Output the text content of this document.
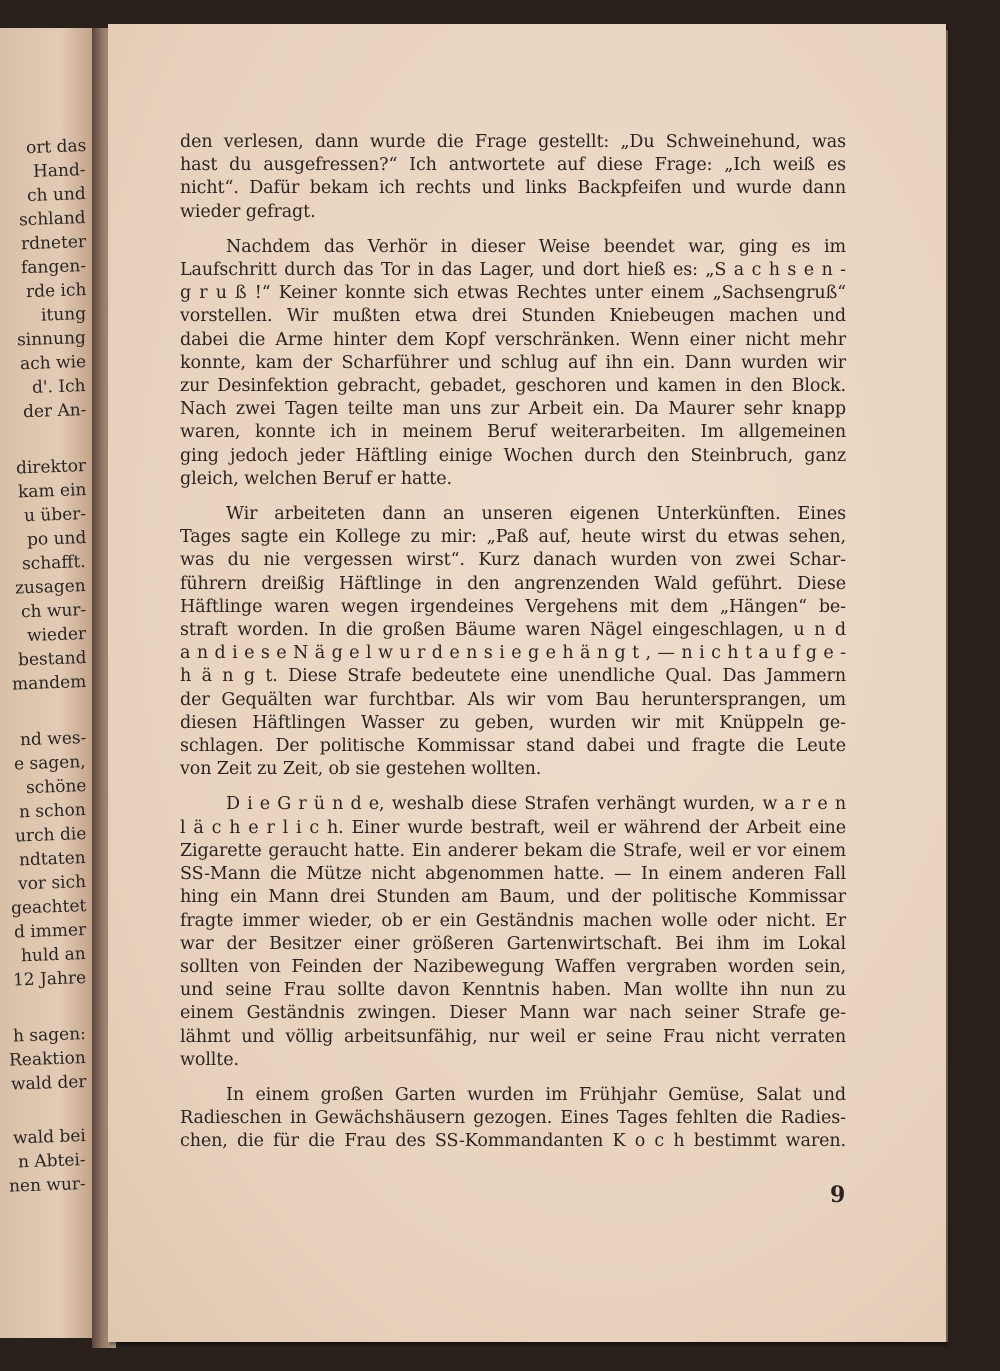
ort das
Hand-
ch und
schland
rdneter
fangen-
rde ich
itung
sinnung
ach wie
d'. Ich
der An-
direktor
kam ein
u über-
po und
schafft.
zusagen
ch wur-
wieder
bestand
mandem
nd wes-
e sagen,
schöne
n schon
urch die
ndtaten
vor sich
geachtet
d immer
huld an
12 Jahre
h sagen:
Reaktion
wald der
wald bei
n Abtei-
nen wur-

den verlesen, dann wurde die Frage gestellt: „Du Schweinehund, was
hast du ausgefressen?“ Ich antwortete auf diese Frage: „Ich weiß es
nicht“. Dafür bekam ich rechts und links Backpfeifen und wurde dann
wieder gefragt.

Nachdem das Verhör in dieser Weise beendet war, ging es im
Laufschritt durch das Tor in das Lager, und dort hieß es: „S a c h s e n -
g r u ß !“ Keiner konnte sich etwas Rechtes unter einem „Sachsengruß“
vorstellen. Wir mußten etwa drei Stunden Kniebeugen machen und
dabei die Arme hinter dem Kopf verschränken. Wenn einer nicht mehr
konnte, kam der Scharführer und schlug auf ihn ein. Dann wurden wir
zur Desinfektion gebracht, gebadet, geschoren und kamen in den Block.
Nach zwei Tagen teilte man uns zur Arbeit ein. Da Maurer sehr knapp
waren, konnte ich in meinem Beruf weiterarbeiten. Im allgemeinen
ging jedoch jeder Häftling einige Wochen durch den Steinbruch, ganz
gleich, welchen Beruf er hatte.

Wir arbeiteten dann an unseren eigenen Unterkünften. Eines
Tages sagte ein Kollege zu mir: „Paß auf, heute wirst du etwas sehen,
was du nie vergessen wirst“. Kurz danach wurden von zwei Schar-
führern dreißig Häftlinge in den angrenzenden Wald geführt. Diese
Häftlinge waren wegen irgendeines Vergehens mit dem „Hängen“ be-
straft worden. In die großen Bäume waren Nägel eingeschlagen, u n d
a n d i e s e N ä g e l w u r d e n s i e g e h ä n g t , — n i c h t a u f g e -
h ä n g t. Diese Strafe bedeutete eine unendliche Qual. Das Jammern
der Gequälten war furchtbar. Als wir vom Bau heruntersprangen, um
diesen Häftlingen Wasser zu geben, wurden wir mit Knüppeln ge-
schlagen. Der politische Kommissar stand dabei und fragte die Leute
von Zeit zu Zeit, ob sie gestehen wollten.

D i e G r ü n d e, weshalb diese Strafen verhängt wurden, w a r e n
l ä c h e r l i c h. Einer wurde bestraft, weil er während der Arbeit eine
Zigarette geraucht hatte. Ein anderer bekam die Strafe, weil er vor einem
SS-Mann die Mütze nicht abgenommen hatte. — In einem anderen Fall
hing ein Mann drei Stunden am Baum, und der politische Kommissar
fragte immer wieder, ob er ein Geständnis machen wolle oder nicht. Er
war der Besitzer einer größeren Gartenwirtschaft. Bei ihm im Lokal
sollten von Feinden der Nazibewegung Waffen vergraben worden sein,
und seine Frau sollte davon Kenntnis haben. Man wollte ihn nun zu
einem Geständnis zwingen. Dieser Mann war nach seiner Strafe ge-
lähmt und völlig arbeitsunfähig, nur weil er seine Frau nicht verraten
wollte.

In einem großen Garten wurden im Frühjahr Gemüse, Salat und
Radieschen in Gewächshäusern gezogen. Eines Tages fehlten die Radies-
chen, die für die Frau des SS-Kommandanten K o c h bestimmt waren.

9
